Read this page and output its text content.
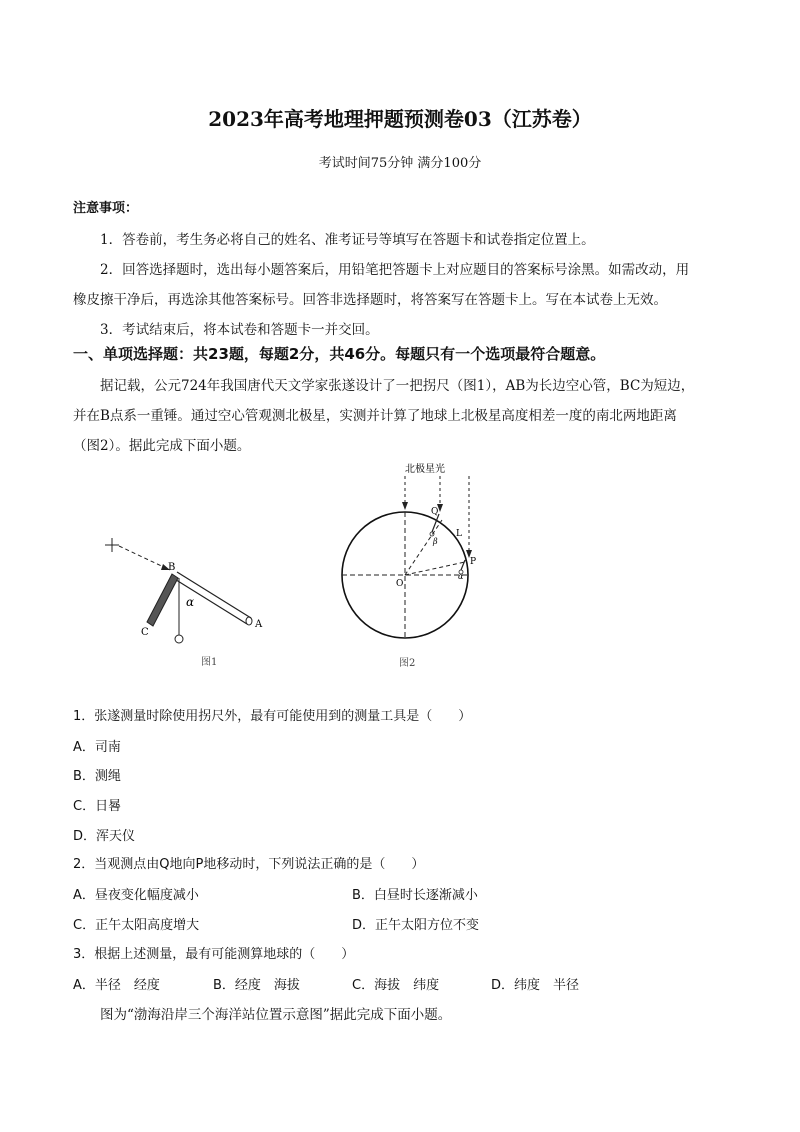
2023年高考地理押题预测卷03（江苏卷）
考试时间75分钟 满分100分
注意事项：
1．答卷前，考生务必将自己的姓名、准考证号等填写在答题卡和试卷指定位置上。
2．回答选择题时，选出每小题答案后，用铅笔把答题卡上对应题目的答案标号涂黑。如需改动，用
橡皮擦干净后，再选涂其他答案标号。回答非选择题时，将答案写在答题卡上。写在本试卷上无效。
3．考试结束后，将本试卷和答题卡一并交回。
一、单项选择题：共23题，每题2分，共46分。每题只有一个选项最符合题意。
据记载，公元724年我国唐代天文学家张遂设计了一把拐尺（图1），AB为长边空心管，BC为短边，
并在B点系一重锤。通过空心管观测北极星，实测并计算了地球上北极星高度相差一度的南北两地距离
（图2）。据此完成下面小题。
B
C
A
α
图1
北极星光
Q
L
P
O
β
α
图2
1．张遂测量时除使用拐尺外，最有可能使用到的测量工具是（　　）
A．司南
B．测绳
C．日晷
D．浑天仪
2．当观测点由Q地向P地移动时，下列说法正确的是（　　）
A．昼夜变化幅度减小	B．白昼时长逐渐减小
C．正午太阳高度增大	D．正午太阳方位不变
3．根据上述测量，最有可能测算地球的（　　）
A．半径　经度	B．经度　海拔	C．海拔　纬度	D．纬度　半径
图为“渤海沿岸三个海洋站位置示意图”据此完成下面小题。
